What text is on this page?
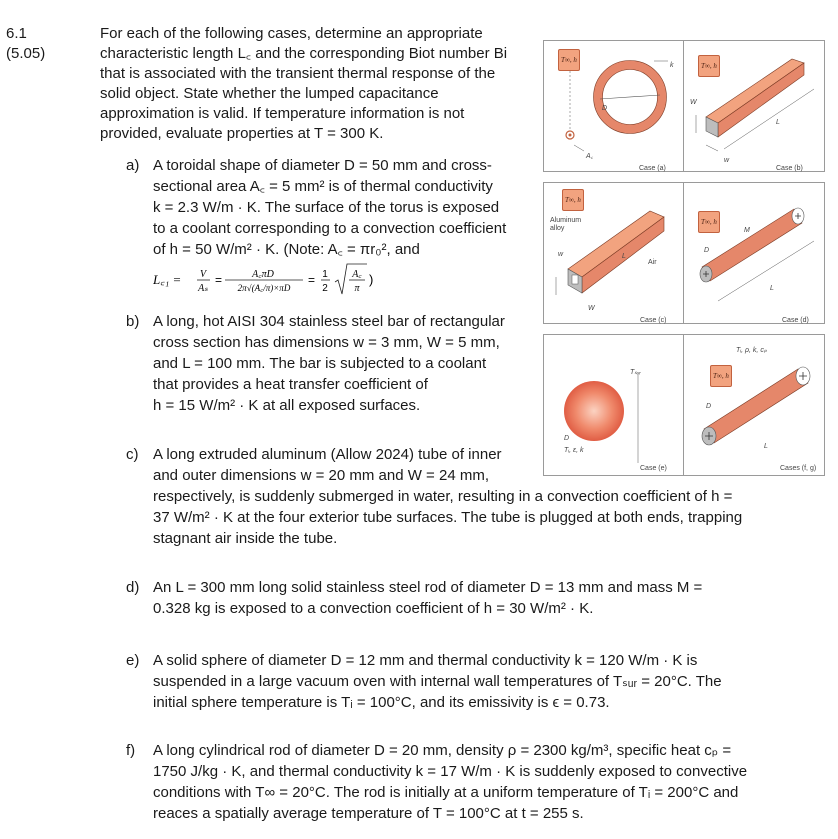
6.1
(5.05)
For each of the following cases, determine an appropriate
characteristic length L꜀ and the corresponding Biot number Bi
that is associated with the transient thermal response of the
solid object. State whether the lumped capacitance
approximation is valid. If temperature information is not
provided, evaluate properties at T = 300 K.
a) A toroidal shape of diameter D = 50 mm and cross-
sectional area A꜀ = 5 mm² is of thermal conductivity
k = 2.3 W/m · K. The surface of the torus is exposed
to a coolant corresponding to a convection coefficient
of h = 50 W/m² · K. (Note: A꜀ = πr₀², and
L꜀₁ = V
Aₛ
=	A꜀πD
2π√(A꜀/π)×πD
= 1
2
A꜀
π
)
b) A long, hot AISI 304 stainless steel bar of rectangular
cross section has dimensions w = 3 mm, W = 5 mm,
and L = 100 mm. The bar is subjected to a coolant
that provides a heat transfer coefficient of
h = 15 W/m² · K at all exposed surfaces.
c) A long extruded aluminum (Allow 2024) tube of inner
and outer dimensions w = 20 mm and W = 24 mm,
respectively, is suddenly submerged in water, resulting in a convection coefficient of h =
37 W/m² · K at the four exterior tube surfaces. The tube is plugged at both ends, trapping
stagnant air inside the tube.
d) An L = 300 mm long solid stainless steel rod of diameter D = 13 mm and mass M =
0.328 kg is exposed to a convection coefficient of h = 30 W/m² · K.
e) A solid sphere of diameter D = 12 mm and thermal conductivity k = 120 W/m · K is
suspended in a large vacuum oven with internal wall temperatures of Tₛᵤᵣ = 20°C. The
initial sphere temperature is Tᵢ = 100°C, and its emissivity is ϵ = 0.73.
f) A long cylindrical rod of diameter D = 20 mm, density ρ = 2300 kg/m³, specific heat cₚ =
1750 J/kg · K, and thermal conductivity k = 17 W/m · K is suddenly exposed to convective
conditions with T∞ = 20°C. The rod is initially at a uniform temperature of Tᵢ = 200°C and
reaces a spatially average temperature of T = 100°C at t = 255 s.
T∞, h
k
D
A꜀
Case (a)
T∞, h
W
L
w
Case (b)
T∞, h
Aluminum alloy
Air
L
w
W
Case (c)
T∞, h
M
D
L
Case (d)
Tₛᵤᵣ
D
Tᵢ, ε, k
Case (e)
Tᵢ, ρ, k, cₚ
T∞, h
D
L
Cases (f, g)
